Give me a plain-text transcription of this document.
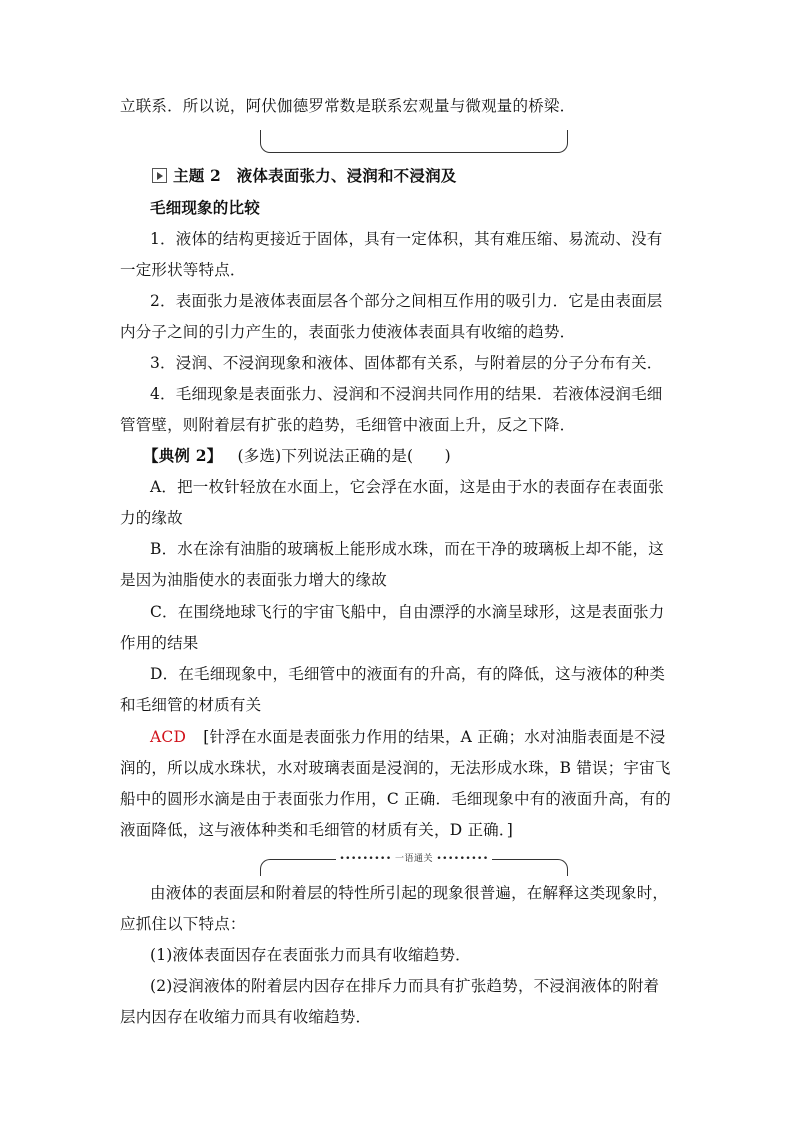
立联系．所以说，阿伏伽德罗常数是联系宏观量与微观量的桥梁．
主题 2　液体表面张力、浸润和不浸润及
毛细现象的比较
1．液体的结构更接近于固体，具有一定体积，其有难压缩、易流动、没有
一定形状等特点．
2．表面张力是液体表面层各个部分之间相互作用的吸引力．它是由表面层
内分子之间的引力产生的，表面张力使液体表面具有收缩的趋势．
3．浸润、不浸润现象和液体、固体都有关系，与附着层的分子分布有关．
4．毛细现象是表面张力、浸润和不浸润共同作用的结果．若液体浸润毛细
管管壁，则附着层有扩张的趋势，毛细管中液面上升，反之下降．
【典例 2】 (多选)下列说法正确的是(　　)
A．把一枚针轻放在水面上，它会浮在水面，这是由于水的表面存在表面张
力的缘故
B．水在涂有油脂的玻璃板上能形成水珠，而在干净的玻璃板上却不能，这
是因为油脂使水的表面张力增大的缘故
C．在围绕地球飞行的宇宙飞船中，自由漂浮的水滴呈球形，这是表面张力
作用的结果
D．在毛细现象中，毛细管中的液面有的升高，有的降低，这与液体的种类
和毛细管的材质有关
ACD [针浮在水面是表面张力作用的结果，A 正确；水对油脂表面是不浸
润的，所以成水珠状，水对玻璃表面是浸润的，无法形成水珠，B 错误；宇宙飞
船中的圆形水滴是由于表面张力作用，C 正确．毛细现象中有的液面升高，有的
液面降低，这与液体种类和毛细管的材质有关，D 正确．]
••••••••• 一语通关 •••••••••
由液体的表面层和附着层的特性所引起的现象很普遍，在解释这类现象时，
应抓住以下特点：
(1)液体表面因存在表面张力而具有收缩趋势．
(2)浸润液体的附着层内因存在排斥力而具有扩张趋势，不浸润液体的附着
层内因存在收缩力而具有收缩趋势．
